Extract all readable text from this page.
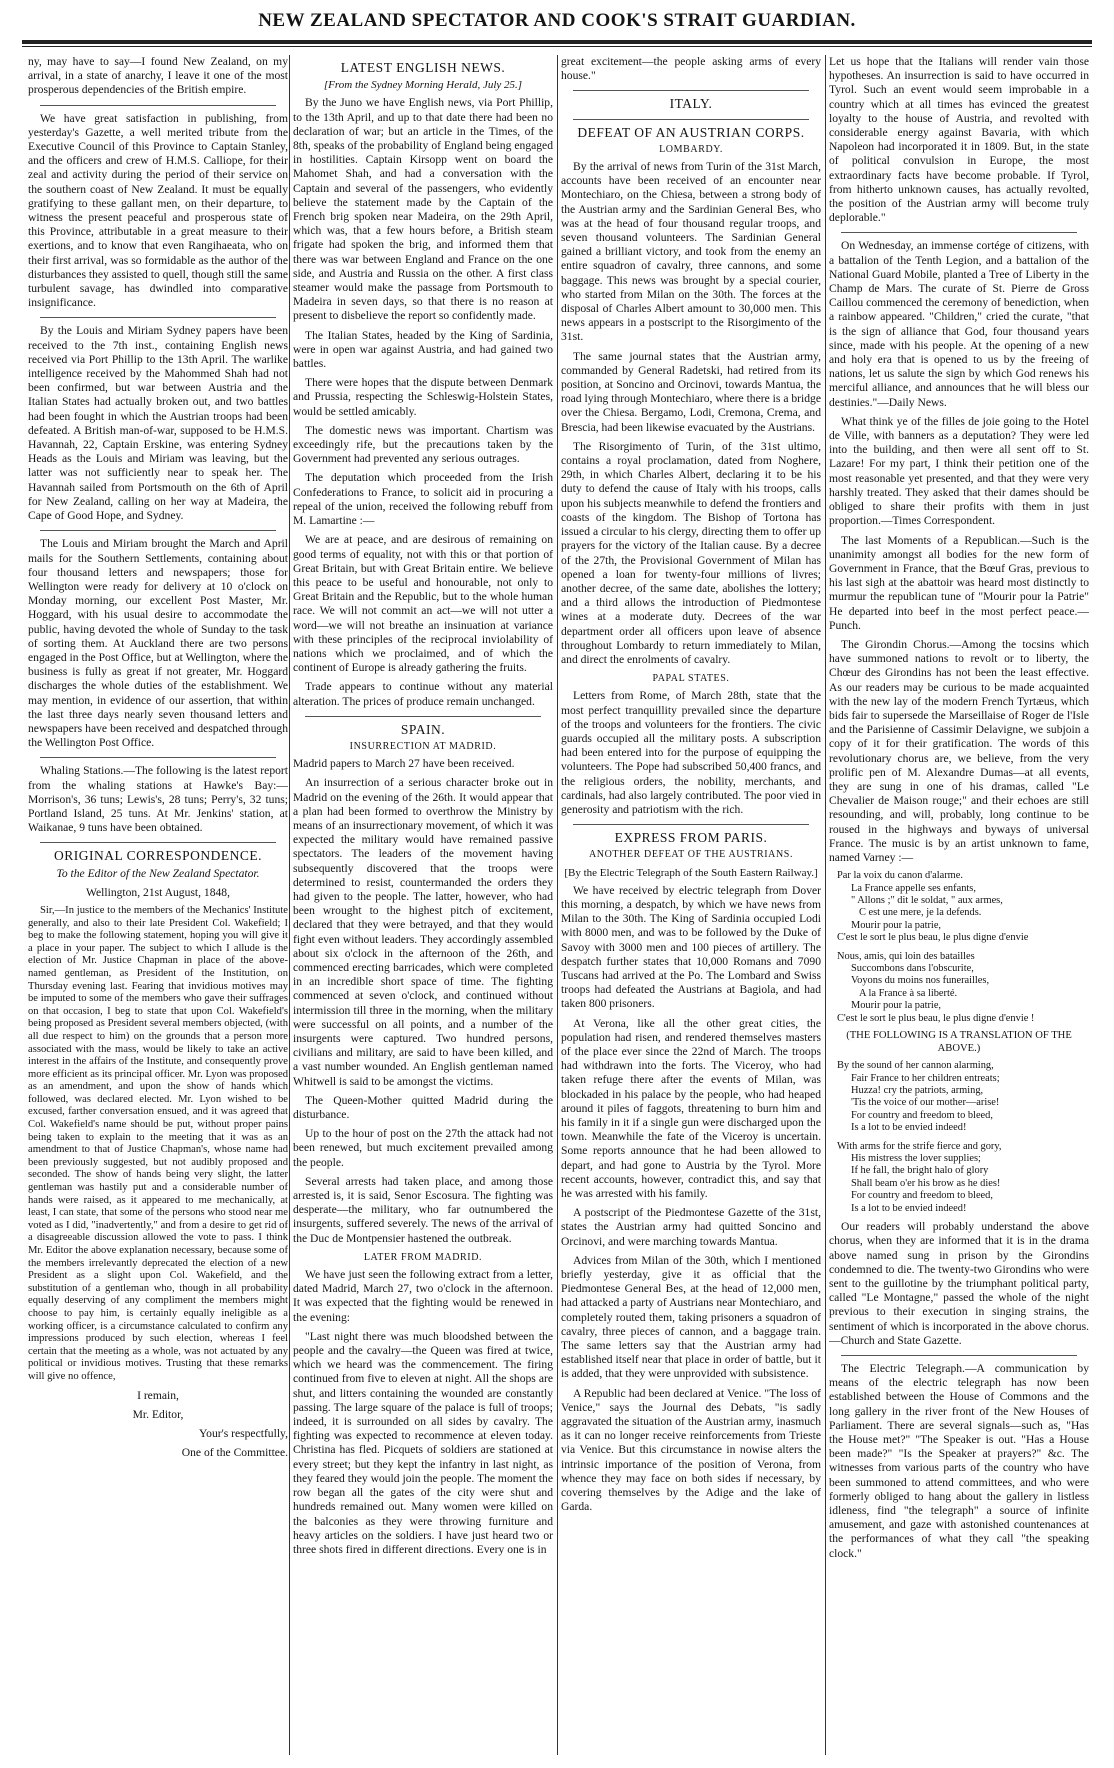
NEW ZEALAND SPECTATOR AND COOK'S STRAIT GUARDIAN.

ny, may have to say—I found New Zealand, on my arrival, in a state of anarchy, I leave it one of the most prosperous dependencies of the British empire.

We have great satisfaction in publishing, from yesterday's Gazette, a well merited tribute from the Executive Council of this Province to Captain Stanley, and the officers and crew of H.M.S. Calliope, for their zeal and activity during the period of their service on the southern coast of New Zealand. It must be equally gratifying to these gallant men, on their departure, to witness the present peaceful and prosperous state of this Province, attributable in a great measure to their exertions, and to know that even Rangihaeata, who on their first arrival, was so formidable as the author of the disturbances they assisted to quell, though still the same turbulent savage, has dwindled into comparative insignificance.

By the Louis and Miriam Sydney papers have been received to the 7th inst., containing English news received via Port Phillip to the 13th April. The warlike intelligence received by the Mahommed Shah had not been confirmed, but war between Austria and the Italian States had actually broken out, and two battles had been fought in which the Austrian troops had been defeated. A British man-of-war, supposed to be H.M.S. Havannah, 22, Captain Erskine, was entering Sydney Heads as the Louis and Miriam was leaving, but the latter was not sufficiently near to speak her. The Havannah sailed from Portsmouth on the 6th of April for New Zealand, calling on her way at Madeira, the Cape of Good Hope, and Sydney.

The Louis and Miriam brought the March and April mails for the Southern Settlements, containing about four thousand letters and newspapers; those for Wellington were ready for delivery at 10 o'clock on Monday morning, our excellent Post Master, Mr. Hoggard, with his usual desire to accommodate the public, having devoted the whole of Sunday to the task of sorting them. At Auckland there are two persons engaged in the Post Office, but at Wellington, where the business is fully as great if not greater, Mr. Hoggard discharges the whole duties of the establishment. We may mention, in evidence of our assertion, that within the last three days nearly seven thousand letters and newspapers have been received and despatched through the Wellington Post Office.

Whaling Stations.—The following is the latest report from the whaling stations at Hawke's Bay:—Morrison's, 36 tuns; Lewis's, 28 tuns; Perry's, 32 tuns; Portland Island, 25 tuns. At Mr. Jenkins' station, at Waikanae, 9 tuns have been obtained.

ORIGINAL CORRESPONDENCE.

To the Editor of the New Zealand Spectator.

Wellington, 21st August, 1848,

Sir,—In justice to the members of the Mechanics' Institute generally, and also to their late President Col. Wakefield; I beg to make the following statement, hoping you will give it a place in your paper. The subject to which I allude is the election of Mr. Justice Chapman in place of the above-named gentleman, as President of the Institution, on Thursday evening last. Fearing that invidious motives may be imputed to some of the members who gave their suffrages on that occasion, I beg to state that upon Col. Wakefield's being proposed as President several members objected, (with all due respect to him) on the grounds that a person more associated with the mass, would be likely to take an active interest in the affairs of the Institute, and consequently prove more efficient as its principal officer. Mr. Lyon was proposed as an amendment, and upon the show of hands which followed, was declared elected. Mr. Lyon wished to be excused, farther conversation ensued, and it was agreed that Col. Wakefield's name should be put, without proper pains being taken to explain to the meeting that it was as an amendment to that of Justice Chapman's, whose name had been previously suggested, but not audibly proposed and seconded. The show of hands being very slight, the latter gentleman was hastily put and a considerable number of hands were raised, as it appeared to me mechanically, at least, I can state, that some of the persons who stood near me voted as I did, "inadvertently," and from a desire to get rid of a disagreeable discussion allowed the vote to pass. I think Mr. Editor the above explanation necessary, because some of the members irrelevantly deprecated the election of a new President as a slight upon Col. Wakefield, and the substitution of a gentleman who, though in all probability equally deserving of any compliment the members might choose to pay him, is certainly equally ineligible as a working officer, is a circumstance calculated to confirm any impressions produced by such election, whereas I feel certain that the meeting as a whole, was not actuated by any political or invidious motives. Trusting that these remarks will give no offence,

I remain,

Mr. Editor,

Your's respectfully,

One of the Committee.

LATEST ENGLISH NEWS.

[From the Sydney Morning Herald, July 25.]

By the Juno we have English news, via Port Phillip, to the 13th April, and up to that date there had been no declaration of war; but an article in the Times, of the 8th, speaks of the probability of England being engaged in hostilities. Captain Kirsopp went on board the Mahomet Shah, and had a conversation with the Captain and several of the passengers, who evidently believe the statement made by the Captain of the French brig spoken near Madeira, on the 29th April, which was, that a few hours before, a British steam frigate had spoken the brig, and informed them that there was war between England and France on the one side, and Austria and Russia on the other. A first class steamer would make the passage from Portsmouth to Madeira in seven days, so that there is no reason at present to disbelieve the report so confidently made.

The Italian States, headed by the King of Sardinia, were in open war against Austria, and had gained two battles.

There were hopes that the dispute between Denmark and Prussia, respecting the Schleswig-Holstein States, would be settled amicably.

The domestic news was important. Chartism was exceedingly rife, but the precautions taken by the Government had prevented any serious outrages.

The deputation which proceeded from the Irish Confederations to France, to solicit aid in procuring a repeal of the union, received the following rebuff from M. Lamartine :—

We are at peace, and are desirous of remaining on good terms of equality, not with this or that portion of Great Britain, but with Great Britain entire. We believe this peace to be useful and honourable, not only to Great Britain and the Republic, but to the whole human race. We will not commit an act—we will not utter a word—we will not breathe an insinuation at variance with these principles of the reciprocal inviolability of nations which we proclaimed, and of which the continent of Europe is already gathering the fruits.

Trade appears to continue without any material alteration. The prices of produce remain unchanged.

SPAIN.
INSURRECTION AT MADRID.

Madrid papers to March 27 have been received.

An insurrection of a serious character broke out in Madrid on the evening of the 26th. It would appear that a plan had been formed to overthrow the Ministry by means of an insurrectionary movement, of which it was expected the military would have remained passive spectators. The leaders of the movement having subsequently discovered that the troops were determined to resist, countermanded the orders they had given to the people. The latter, however, who had been wrought to the highest pitch of excitement, declared that they were betrayed, and that they would fight even without leaders. They accordingly assembled about six o'clock in the afternoon of the 26th, and commenced erecting barricades, which were completed in an incredible short space of time. The fighting commenced at seven o'clock, and continued without intermission till three in the morning, when the military were successful on all points, and a number of the insurgents were captured. Two hundred persons, civilians and military, are said to have been killed, and a vast number wounded. An English gentleman named Whitwell is said to be amongst the victims.

The Queen-Mother quitted Madrid during the disturbance.

Up to the hour of post on the 27th the attack had not been renewed, but much excitement prevailed among the people.

Several arrests had taken place, and among those arrested is, it is said, Senor Escosura. The fighting was desperate—the military, who far outnumbered the insurgents, suffered severely. The news of the arrival of the Duc de Montpensier hastened the outbreak.

LATER FROM MADRID.

We have just seen the following extract from a letter, dated Madrid, March 27, two o'clock in the afternoon. It was expected that the fighting would be renewed in the evening:

"Last night there was much bloodshed between the people and the cavalry—the Queen was fired at twice, which we heard was the commencement. The firing continued from five to eleven at night. All the shops are shut, and litters containing the wounded are constantly passing. The large square of the palace is full of troops; indeed, it is surrounded on all sides by cavalry. The fighting was expected to recommence at eleven today. Christina has fled. Picquets of soldiers are stationed at every street; but they kept the infantry in last night, as they feared they would join the people. The moment the row began all the gates of the city were shut and hundreds remained out. Many women were killed on the balconies as they were throwing furniture and heavy articles on the soldiers. I have just heard two or three shots fired in different directions. Every one is in

great excitement—the people asking arms of every house."

ITALY.
DEFEAT OF AN AUSTRIAN CORPS.
LOMBARDY.

By the arrival of news from Turin of the 31st March, accounts have been received of an encounter near Montechiaro, on the Chiesa, between a strong body of the Austrian army and the Sardinian General Bes, who was at the head of four thousand regular troops, and seven thousand volunteers. The Sardinian General gained a brilliant victory, and took from the enemy an entire squadron of cavalry, three cannons, and some baggage. This news was brought by a special courier, who started from Milan on the 30th. The forces at the disposal of Charles Albert amount to 30,000 men. This news appears in a postscript to the Risorgimento of the 31st.

The same journal states that the Austrian army, commanded by General Radetski, had retired from its position, at Soncino and Orcinovi, towards Mantua, the road lying through Montechiaro, where there is a bridge over the Chiesa. Bergamo, Lodi, Cremona, Crema, and Brescia, had been likewise evacuated by the Austrians.

The Risorgimento of Turin, of the 31st ultimo, contains a royal proclamation, dated from Noghere, 29th, in which Charles Albert, declaring it to be his duty to defend the cause of Italy with his troops, calls upon his subjects meanwhile to defend the frontiers and coasts of the kingdom. The Bishop of Tortona has issued a circular to his clergy, directing them to offer up prayers for the victory of the Italian cause. By a decree of the 27th, the Provisional Government of Milan has opened a loan for twenty-four millions of livres; another decree, of the same date, abolishes the lottery; and a third allows the introduction of Piedmontese wines at a moderate duty. Decrees of the war department order all officers upon leave of absence throughout Lombardy to return immediately to Milan, and direct the enrolments of cavalry.

PAPAL STATES.

Letters from Rome, of March 28th, state that the most perfect tranquillity prevailed since the departure of the troops and volunteers for the frontiers. The civic guards occupied all the military posts. A subscription had been entered into for the purpose of equipping the volunteers. The Pope had subscribed 50,400 francs, and the religious orders, the nobility, merchants, and cardinals, had also largely contributed. The poor vied in generosity and patriotism with the rich.

EXPRESS FROM PARIS.
ANOTHER DEFEAT OF THE AUSTRIANS.

[By the Electric Telegraph of the South Eastern Railway.]

We have received by electric telegraph from Dover this morning, a despatch, by which we have news from Milan to the 30th. The King of Sardinia occupied Lodi with 8000 men, and was to be followed by the Duke of Savoy with 3000 men and 100 pieces of artillery. The despatch further states that 10,000 Romans and 7090 Tuscans had arrived at the Po. The Lombard and Swiss troops had defeated the Austrians at Bagiola, and had taken 800 prisoners.

At Verona, like all the other great cities, the population had risen, and rendered themselves masters of the place ever since the 22nd of March. The troops had withdrawn into the forts. The Viceroy, who had taken refuge there after the events of Milan, was blockaded in his palace by the people, who had heaped around it piles of faggots, threatening to burn him and his family in it if a single gun were discharged upon the town. Meanwhile the fate of the Viceroy is uncertain. Some reports announce that he had been allowed to depart, and had gone to Austria by the Tyrol. More recent accounts, however, contradict this, and say that he was arrested with his family.

A postscript of the Piedmontese Gazette of the 31st, states the Austrian army had quitted Soncino and Orcinovi, and were marching towards Mantua.

Advices from Milan of the 30th, which I mentioned briefly yesterday, give it as official that the Piedmontese General Bes, at the head of 12,000 men, had attacked a party of Austrians near Montechiaro, and completely routed them, taking prisoners a squadron of cavalry, three pieces of cannon, and a baggage train. The same letters say that the Austrian army had established itself near that place in order of battle, but it is added, that they were unprovided with subsistence.

A Republic had been declared at Venice. "The loss of Venice," says the Journal des Debats, "is sadly aggravated the situation of the Austrian army, inasmuch as it can no longer receive reinforcements from Trieste via Venice. But this circumstance in nowise alters the intrinsic importance of the position of Verona, from whence they may face on both sides if necessary, by covering themselves by the Adige and the lake of Garda.

Let us hope that the Italians will render vain those hypotheses. An insurrection is said to have occurred in Tyrol. Such an event would seem improbable in a country which at all times has evinced the greatest loyalty to the house of Austria, and revolted with considerable energy against Bavaria, with which Napoleon had incorporated it in 1809. But, in the state of political convulsion in Europe, the most extraordinary facts have become probable. If Tyrol, from hitherto unknown causes, has actually revolted, the position of the Austrian army will become truly deplorable."

On Wednesday, an immense cortége of citizens, with a battalion of the Tenth Legion, and a battalion of the National Guard Mobile, planted a Tree of Liberty in the Champ de Mars. The curate of St. Pierre de Gross Caillou commenced the ceremony of benediction, when a rainbow appeared. "Children," cried the curate, "that is the sign of alliance that God, four thousand years since, made with his people. At the opening of a new and holy era that is opened to us by the freeing of nations, let us salute the sign by which God renews his merciful alliance, and announces that he will bless our destinies."—Daily News.

What think ye of the filles de joie going to the Hotel de Ville, with banners as a deputation? They were led into the building, and then were all sent off to St. Lazare! For my part, I think their petition one of the most reasonable yet presented, and that they were very harshly treated. They asked that their dames should be obliged to share their profits with them in just proportion.—Times Correspondent.

The last Moments of a Republican.—Such is the unanimity amongst all bodies for the new form of Government in France, that the Bœuf Gras, previous to his last sigh at the abattoir was heard most distinctly to murmur the republican tune of "Mourir pour la Patrie" He departed into beef in the most perfect peace.—Punch.

The Girondin Chorus.—Among the tocsins which have summoned nations to revolt or to liberty, the Chœur des Girondins has not been the least effective. As our readers may be curious to be made acquainted with the new lay of the modern French Tyrtæus, which bids fair to supersede the Marseillaise of Roger de l'Isle and the Parisienne of Cassimir Delavigne, we subjoin a copy of it for their gratification. The words of this revolutionary chorus are, we believe, from the very prolific pen of M. Alexandre Dumas—at all events, they are sung in one of his dramas, called "Le Chevalier de Maison rouge;" and their echoes are still resounding, and will, probably, long continue to be roused in the highways and byways of universal France. The music is by an artist unknown to fame, named Varney :—

Par la voix du canon d'alarme.
La France appelle ses enfants,
" Allons ;" dit le soldat, " aux armes,
C est une mere, je la defends.
Mourir pour la patrie,
C'est le sort le plus beau, le plus digne d'envie
Nous, amis, qui loin des batailles
Succombons dans l'obscurite,
Voyons du moins nos funerailles,
A la France à sa liberté.
Mourir pour la patrie,
C'est le sort le plus beau, le plus digne d'envie !

(THE FOLLOWING IS A TRANSLATION OF THE ABOVE.)

By the sound of her cannon alarming,
Fair France to her children entreats;
Huzza! cry the patriots, arming,
'Tis the voice of our mother—arise!
For country and freedom to bleed,
Is a lot to be envied indeed!
With arms for the strife fierce and gory,
His mistress the lover supplies;
If he fall, the bright halo of glory
Shall beam o'er his brow as he dies!
For country and freedom to bleed,
Is a lot to be envied indeed!

Our readers will probably understand the above chorus, when they are informed that it is in the drama above named sung in prison by the Girondins condemned to die. The twenty-two Girondins who were sent to the guillotine by the triumphant political party, called "Le Montagne," passed the whole of the night previous to their execution in singing strains, the sentiment of which is incorporated in the above chorus.—Church and State Gazette.

The Electric Telegraph.—A communication by means of the electric telegraph has now been established between the House of Commons and the long gallery in the river front of the New Houses of Parliament. There are several signals—such as, "Has the House met?" "The Speaker is out. "Has a House been made?" "Is the Speaker at prayers?" &c. The witnesses from various parts of the country who have been summoned to attend committees, and who were formerly obliged to hang about the gallery in listless idleness, find "the telegraph" a source of infinite amusement, and gaze with astonished countenances at the performances of what they call "the speaking clock."
